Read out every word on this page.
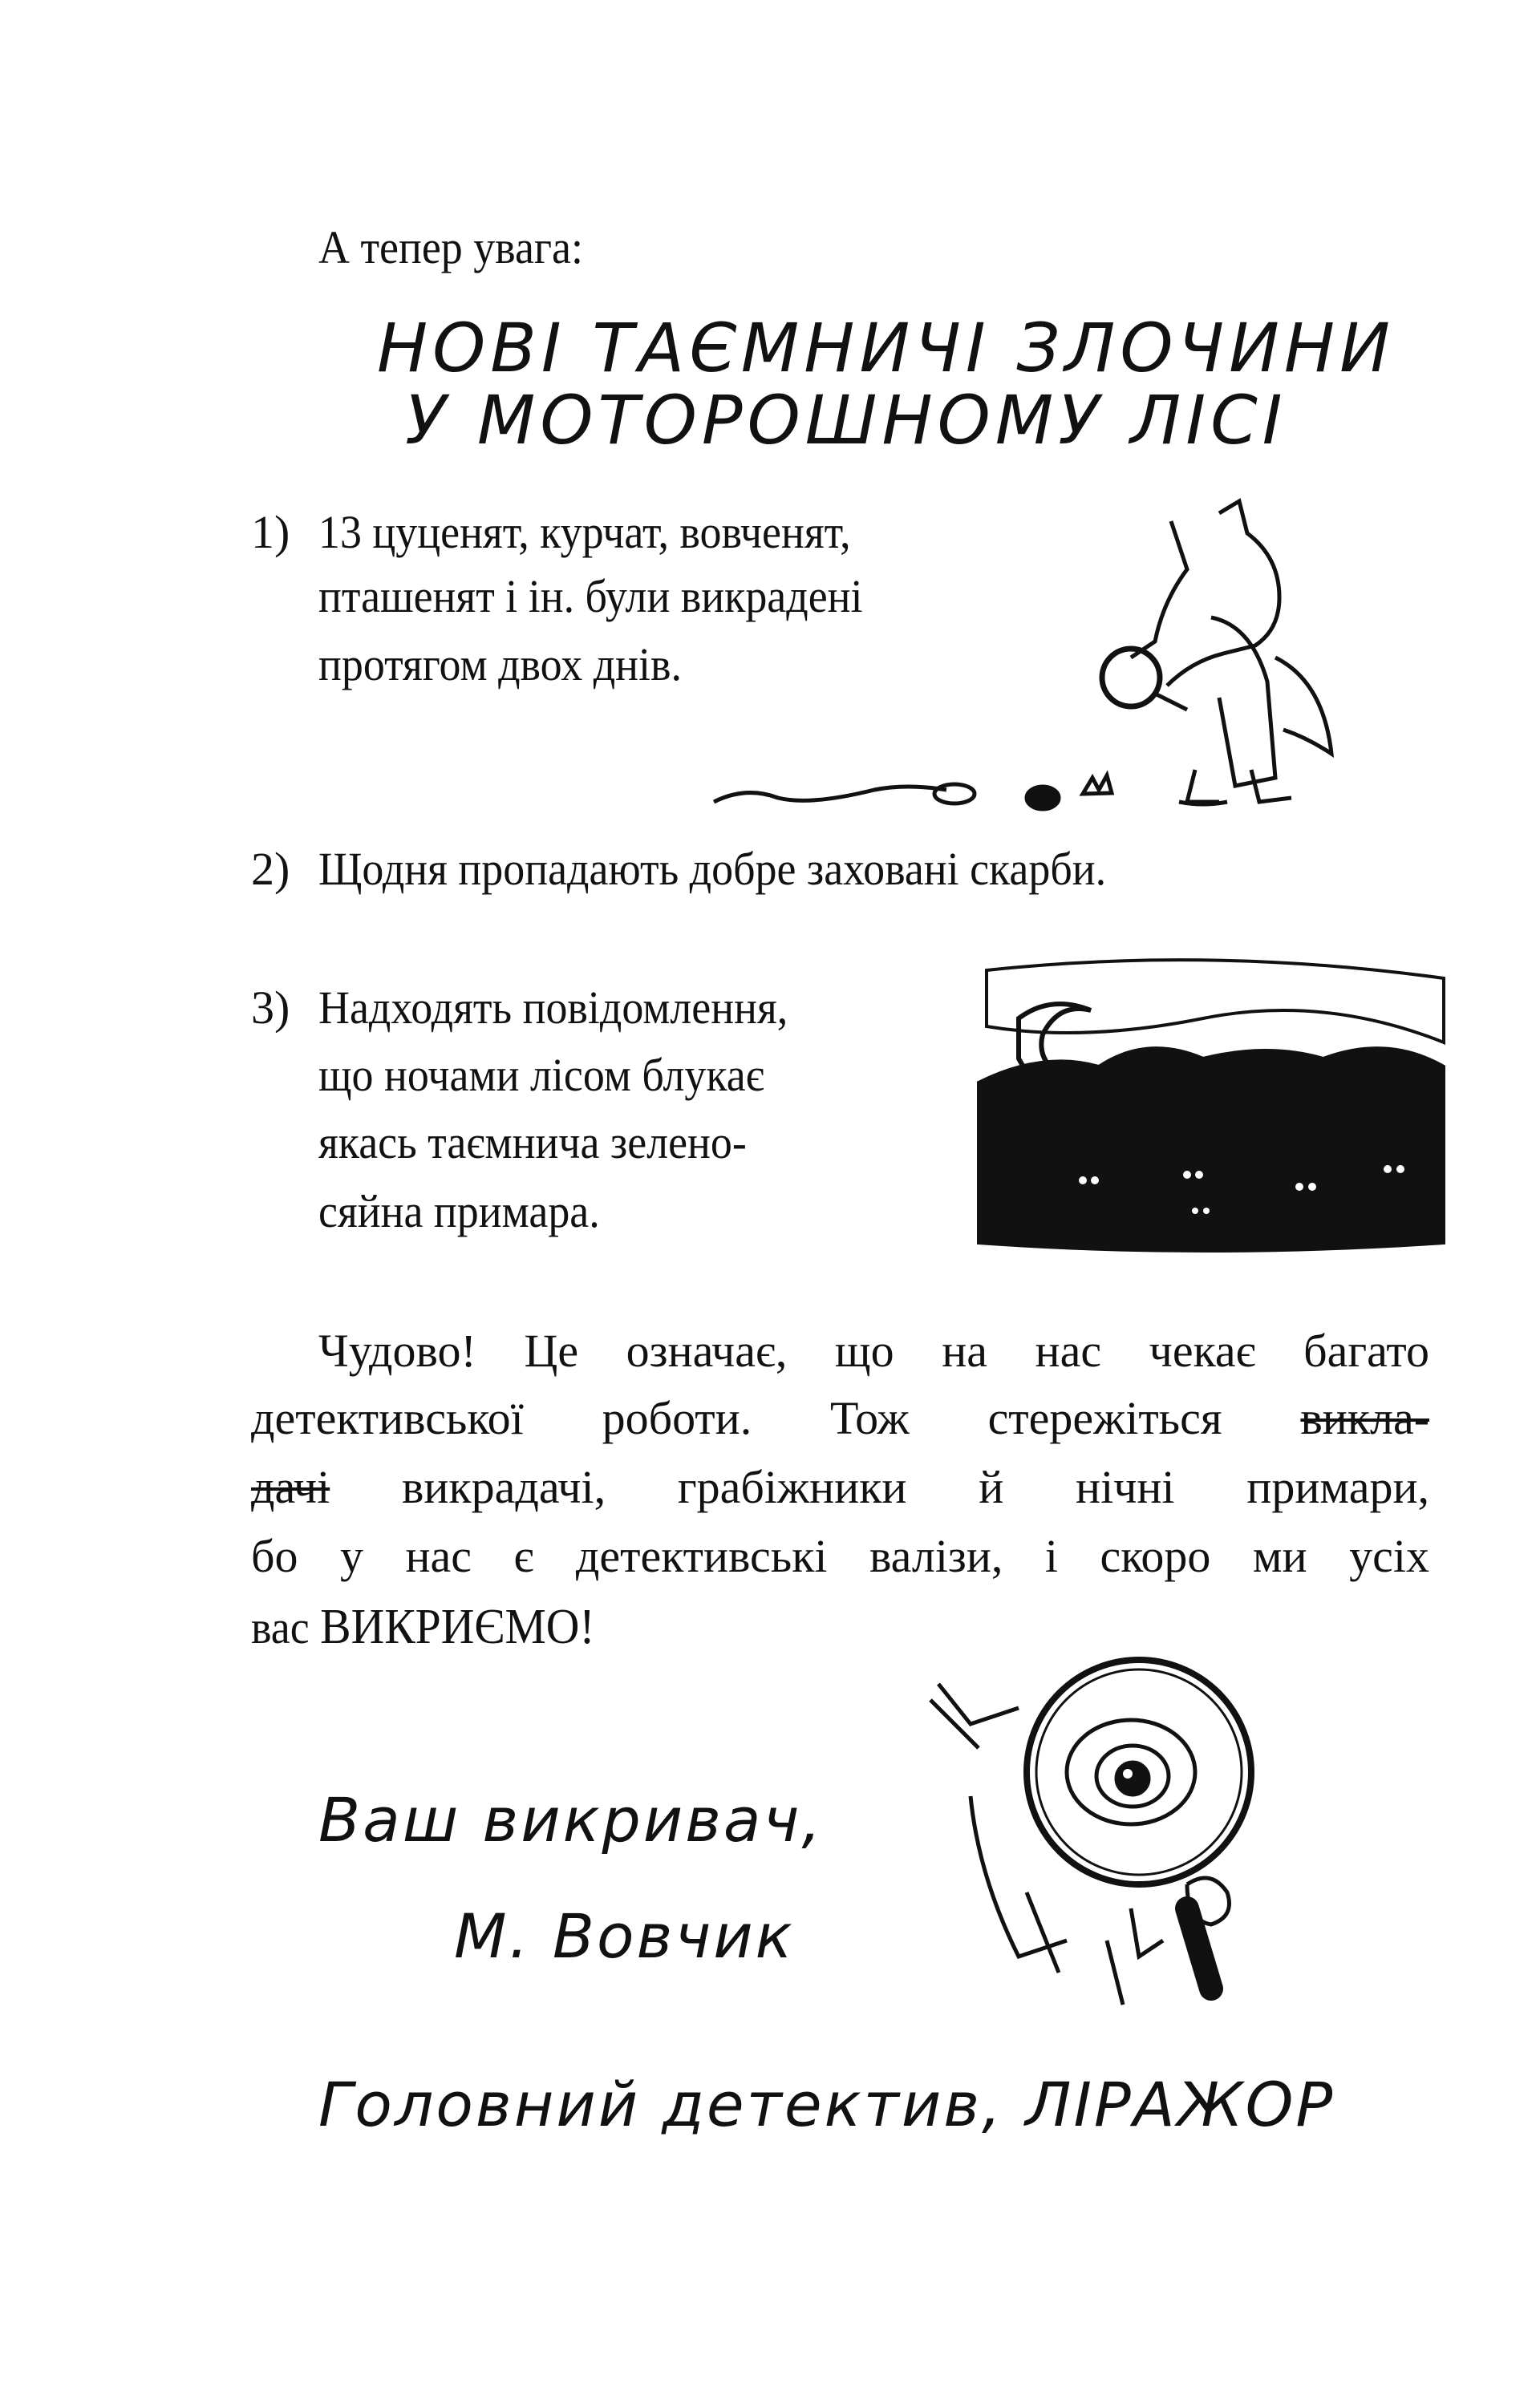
А тепер увага:
НОВІ ТАЄМНИЧІ ЗЛОЧИНИ
У МОТОРОШНОМУ ЛІСІ
1) 13 цуценят, курчат, вовченят,
пташенят і ін. були викрадені
протягом двох днів.
2) Щодня пропадають добре заховані скарби.
3) Надходять повідомлення,
що ночами лісом блукає
якась таємнича зелено-
сяйна примара.
Чудово! Це означає, що на нас чекає багато
детективської роботи. Тож стережіться викла-
дачі викрадачі, грабіжники й нічні примари,
бо у нас є детективські валізи, і скоро ми усіх
вас ВИКРИЄМО!
Ваш викривач,
М. Вовчик
Головний детектив, ЛІРАЖОР
